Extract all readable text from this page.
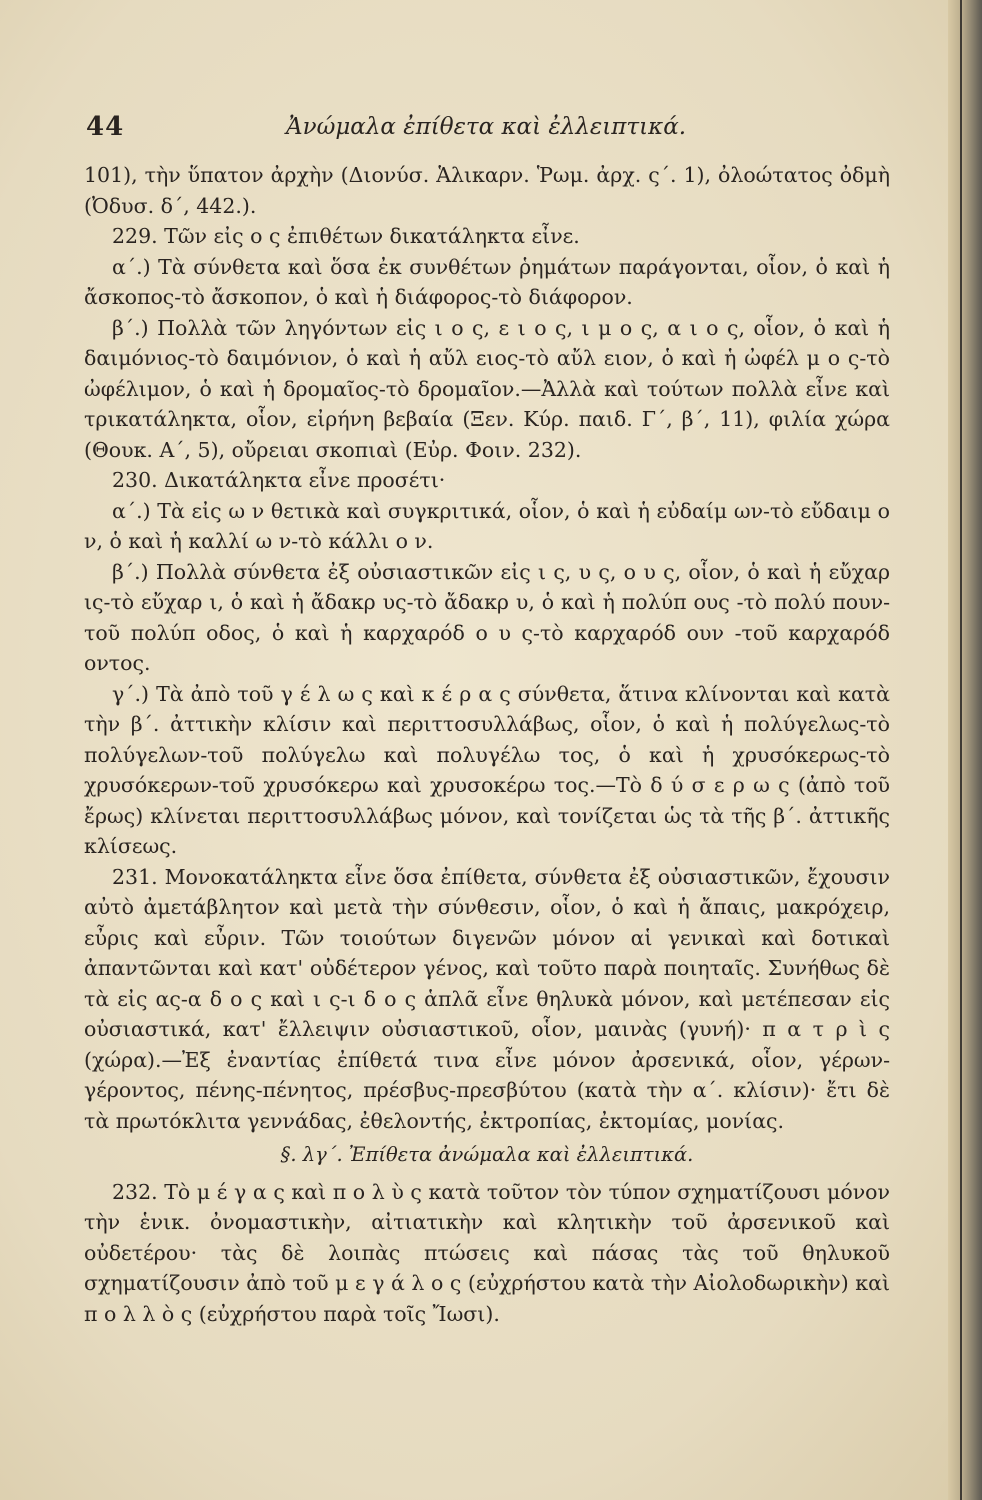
44	Ἀνώμαλα ἐπίθετα καὶ ἐλλειπτικά.

101), τὴν ὕπατον ἀρχὴν (Διονύσ. Ἁλικαρν. Ῥωμ. ἀρχ. ς΄. 1), ὀλοώτατος ὀδμὴ (Ὀδυσ. δ΄, 442.).

229. Τῶν εἰς ο ς ἐπιθέτων δικατάληκτα εἶνε.

α΄.) Τὰ σύνθετα καὶ ὅσα ἐκ συνθέτων ῥημάτων παράγονται, οἷον, ὁ καὶ ἡ ἄσκοπος-τὸ ἄσκοπον, ὁ καὶ ἡ διάφορος-τὸ διάφορον.

β΄.) Πολλὰ τῶν ληγόντων εἰς ι ο ς, ε ι ο ς, ι μ ο ς, α ι ο ς, οἷον, ὁ καὶ ἡ δαιμόνιος-τὸ δαιμόνιον, ὁ καὶ ἡ αὔλ ειος-τὸ αὔλ ειον, ὁ καὶ ἡ ὠφέλ μ ο ς-τὸ ὠφέλιμον, ὁ καὶ ἡ δρομαῖος-τὸ δρομαῖον.—Ἀλλὰ καὶ τούτων πολλὰ εἶνε καὶ τρικατάληκτα, οἷον, εἰρήνη βεβαία (Ξεν. Κύρ. παιδ. Γ΄, β΄, 11), φιλία χώρα (Θουκ. Α΄, 5), οὔρειαι σκοπιαὶ (Εὐρ. Φοιν. 232).

230. Δικατάληκτα εἶνε προσέτι·

α΄.) Τὰ εἰς ω ν θετικὰ καὶ συγκριτικά, οἷον, ὁ καὶ ἡ εὐδαίμ ων-τὸ εὔδαιμ ο ν, ὁ καὶ ἡ καλλί ω ν-τὸ κάλλι ο ν.

β΄.) Πολλὰ σύνθετα ἐξ οὐσιαστικῶν εἰς ι ς, υ ς, ο υ ς, οἷον, ὁ καὶ ἡ εὔχαρ ις-τὸ εὔχαρ ι, ὁ καὶ ἡ ἄδακρ υς-τὸ ἄδακρ υ, ὁ καὶ ἡ πολύπ ους -τὸ πολύ πουν-τοῦ πολύπ οδος, ὁ καὶ ἡ καρχαρόδ ο υ ς-τὸ καρχαρόδ ουν -τοῦ καρχαρόδ οντος.

γ΄.) Τὰ ἀπὸ τοῦ γ έ λ ω ς καὶ κ έ ρ α ς σύνθετα, ἅτινα κλίνονται καὶ κατὰ τὴν β΄. ἀττικὴν κλίσιν καὶ περιττοσυλλάβως, οἷον, ὁ καὶ ἡ πολύγελως-τὸ πολύγελων-τοῦ πολύγελω καὶ πολυγέλω τος, ὁ καὶ ἡ χρυσόκερως-τὸ χρυσόκερων-τοῦ χρυσόκερω καὶ χρυσοκέρω τος.—Τὸ δ ύ σ ε ρ ω ς (ἀπὸ τοῦ ἔρως) κλίνεται περιττοσυλλάβως μόνον, καὶ τονίζεται ὡς τὰ τῆς β΄. ἀττικῆς κλίσεως.

231. Μονοκατάληκτα εἶνε ὅσα ἐπίθετα, σύνθετα ἐξ οὐσιαστικῶν, ἔχουσιν αὐτὸ ἀμετάβλητον καὶ μετὰ τὴν σύνθεσιν, οἷον, ὁ καὶ ἡ ἄπαις, μακρόχειρ, εὖρις καὶ εὖριν. Τῶν τοιούτων διγενῶν μόνον αἱ γενικαὶ καὶ δοτικαὶ ἀπαντῶνται καὶ κατ' οὐδέτερον γένος, καὶ τοῦτο παρὰ ποιηταῖς. Συνήθως δὲ τὰ εἰς ας-α δ ο ς καὶ ι ς-ι δ ο ς ἁπλᾶ εἶνε θηλυκὰ μόνον, καὶ μετέπεσαν εἰς οὐσιαστικά, κατ' ἔλλειψιν οὐσιαστικοῦ, οἷον, μαινὰς (γυνή)· π α τ ρ ὶ ς (χώρα).—Ἐξ ἐναντίας ἐπίθετά τινα εἶνε μόνον ἀρσενικά, οἷον, γέρων-γέροντος, πένης-πένητος, πρέσβυς-πρεσβύτου (κατὰ τὴν α΄. κλίσιν)· ἔτι δὲ τὰ πρωτόκλιτα γεννάδας, ἐθελοντής, ἐκτροπίας, ἐκτομίας, μονίας.

§. λγ΄. Ἐπίθετα ἀνώμαλα καὶ ἐλλειπτικά.

232. Τὸ μ έ γ α ς καὶ π ο λ ὺ ς κατὰ τοῦτον τὸν τύπον σχηματίζουσι μόνον τὴν ἑνικ. ὀνομαστικὴν, αἰτιατικὴν καὶ κλητικὴν τοῦ ἀρσενικοῦ καὶ οὐδετέρου· τὰς δὲ λοιπὰς πτώσεις καὶ πάσας τὰς τοῦ θηλυκοῦ σχηματίζουσιν ἀπὸ τοῦ μ ε γ ά λ ο ς (εὐχρήστου κατὰ τὴν Αἰολοδωρικὴν) καὶ π ο λ λ ὸ ς (εὐχρήστου παρὰ τοῖς Ἴωσι).
